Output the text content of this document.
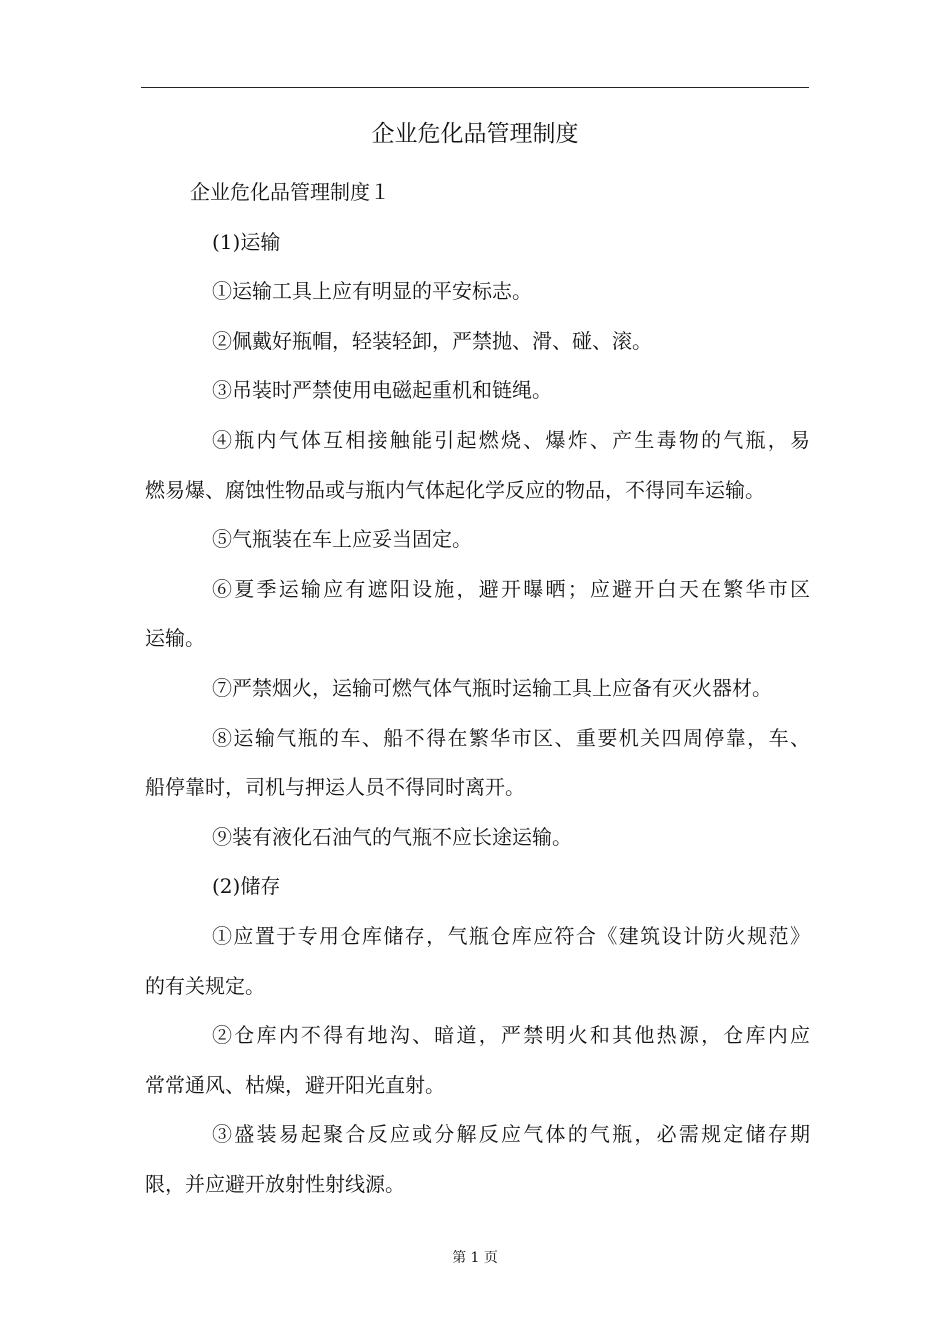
企业危化品管理制度
企业危化品管理制度１
(1)运输
①运输工具上应有明显的平安标志。
②佩戴好瓶帽，轻装轻卸，严禁抛、滑、碰、滚。
③吊装时严禁使用电磁起重机和链绳。
④瓶内气体互相接触能引起燃烧、爆炸、产生毒物的气瓶，易
燃易爆、腐蚀性物品或与瓶内气体起化学反应的物品，不得同车运输。
⑤气瓶装在车上应妥当固定。
⑥夏季运输应有遮阳设施，避开曝晒；应避开白天在繁华市区
运输。
⑦严禁烟火，运输可燃气体气瓶时运输工具上应备有灭火器材。
⑧运输气瓶的车、船不得在繁华市区、重要机关四周停靠，车、
船停靠时，司机与押运人员不得同时离开。
⑨装有液化石油气的气瓶不应长途运输。
(2)储存
①应置于专用仓库储存，气瓶仓库应符合《建筑设计防火规范》
的有关规定。
②仓库内不得有地沟、暗道，严禁明火和其他热源，仓库内应
常常通风、枯燥，避开阳光直射。
③盛装易起聚合反应或分解反应气体的气瓶，必需规定储存期
限，并应避开放射性射线源。
第 1 页
